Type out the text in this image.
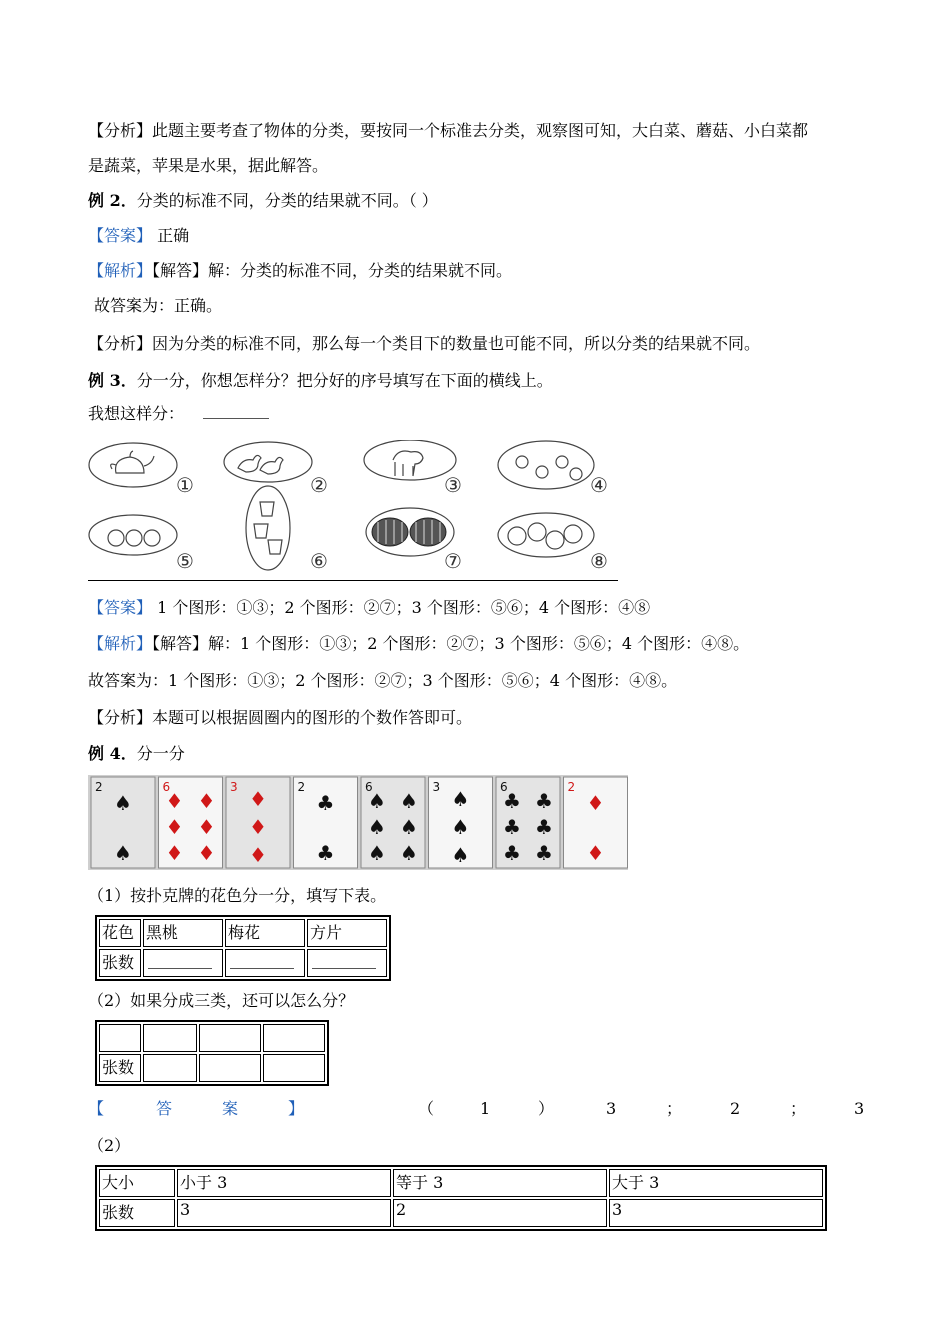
【分析】此题主要考查了物体的分类，要按同一个标准去分类，观察图可知，大白菜、蘑菇、小白菜都
是蔬菜，苹果是水果，据此解答。
例 2．分类的标准不同，分类的结果就不同。（ ）
【答案】 正确
【解析】【解答】解：分类的标准不同，分类的结果就不同。
故答案为：正确。
【分析】因为分类的标准不同，那么每一个类目下的数量也可能不同，所以分类的结果就不同。
例 3．分一分，你想怎样分？把分好的序号填写在下面的横线上。
我想这样分：
①	②	③	④
⑤	⑥	⑦	⑧
【答案】 1 个图形：①③；2 个图形：②⑦；3 个图形：⑤⑥；4 个图形：④⑧
【解析】【解答】解：1 个图形：①③；2 个图形：②⑦；3 个图形：⑤⑥；4 个图形：④⑧。
故答案为：1 个图形：①③；2 个图形：②⑦；3 个图形：⑤⑥；4 个图形：④⑧。
【分析】本题可以根据圆圈内的图形的个数作答即可。
例 4．分一分
2
♠
♠
6
♦ ♦
♦ ♦
♦ ♦
3 ♦
♦
♦
2
♣
♣
6
♠ ♠
♠ ♠
♠ ♠
3 ♠
♠
♠
6
♣ ♣
♣ ♣
♣ ♣
2
♦
♦
（1）按扑克牌的花色分一分，填写下表。
花色	黑桃	梅花	方片
张数			
（2）如果分成三类，还可以怎么分？

张数			
【	答	案	】	（	1	）	3	；	2	；	3
（2）
大小	小于 3	等于 3	大于 3
张数	3	2	3
